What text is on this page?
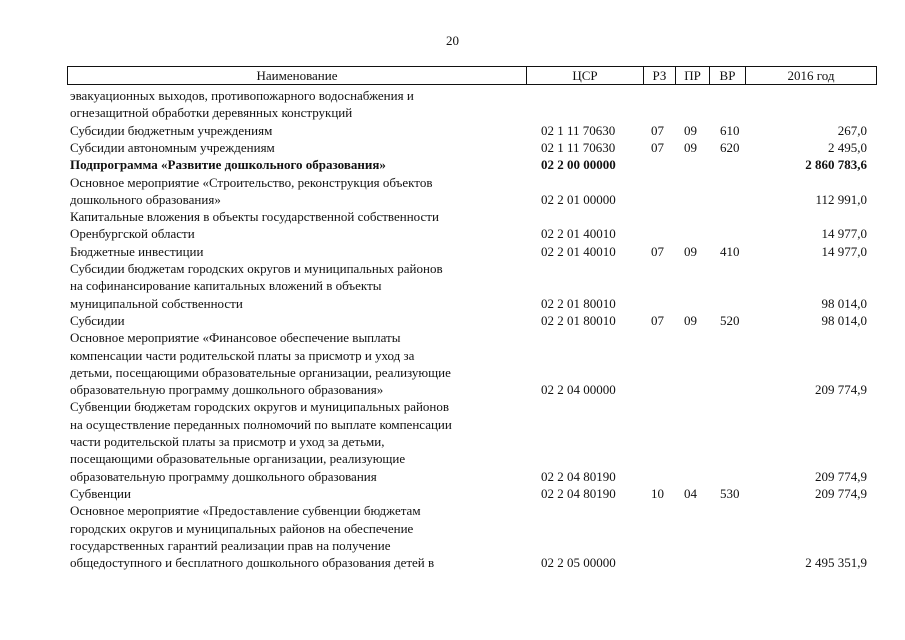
20
Наименование	ЦСР	РЗ	ПР	ВР	2016 год
эвакуационных выходов, противопожарного водоснабжения и
огнезащитной обработки деревянных конструкций
Субсидии бюджетным учреждениям	02 1 11 70630	07 09 610	267,0
Субсидии автономным учреждениям	02 1 11 70630	07 09 620	2 495,0
Подпрограмма «Развитие дошкольного образования»	02 2 00 00000	2 860 783,6
Основное мероприятие «Строительство, реконструкция объектов
дошкольного образования»	02 2 01 00000	112 991,0
Капитальные вложения в объекты государственной собственности
Оренбургской области	02 2 01 40010	14 977,0
Бюджетные инвестиции	02 2 01 40010	07 09 410	14 977,0
Субсидии бюджетам городских округов и муниципальных районов
на софинансирование капитальных вложений в объекты
муниципальной собственности	02 2 01 80010	98 014,0
Субсидии	02 2 01 80010	07 09 520	98 014,0
Основное мероприятие «Финансовое обеспечение выплаты
компенсации части родительской платы за присмотр и уход за
детьми, посещающими образовательные организации, реализующие
образовательную программу дошкольного образования»	02 2 04 00000	209 774,9
Субвенции бюджетам городских округов и муниципальных районов
на осуществление переданных полномочий по выплате компенсации
части родительской платы за присмотр и уход за детьми,
посещающими образовательные организации, реализующие
образовательную программу дошкольного образования	02 2 04 80190	209 774,9
Субвенции	02 2 04 80190	10 04 530	209 774,9
Основное мероприятие «Предоставление субвенции бюджетам
городских округов и муниципальных районов на обеспечение
государственных гарантий реализации прав на получение
общедоступного и бесплатного дошкольного образования детей в	02 2 05 00000	2 495 351,9
